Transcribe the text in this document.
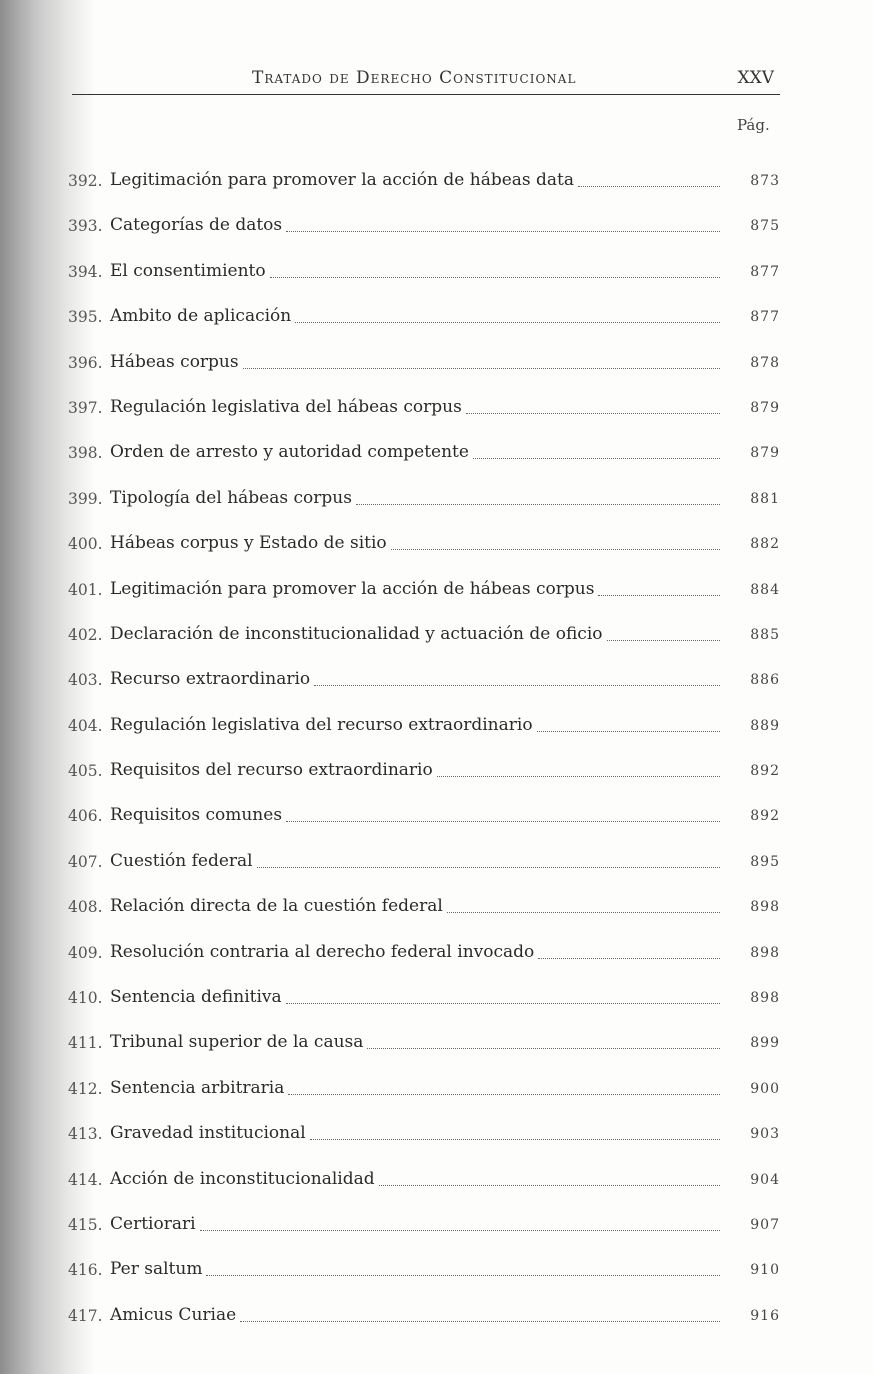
Tratado de Derecho Constitucional	XXV
Pág.
392. Legitimación para promover la acción de hábeas data	873
393. Categorías de datos	875
394. El consentimiento	877
395. Ambito de aplicación	877
396. Hábeas corpus	878
397. Regulación legislativa del hábeas corpus	879
398. Orden de arresto y autoridad competente	879
399. Tipología del hábeas corpus	881
400. Hábeas corpus y Estado de sitio	882
401. Legitimación para promover la acción de hábeas corpus	884
402. Declaración de inconstitucionalidad y actuación de oficio	885
403. Recurso extraordinario	886
404. Regulación legislativa del recurso extraordinario	889
405. Requisitos del recurso extraordinario	892
406. Requisitos comunes	892
407. Cuestión federal	895
408. Relación directa de la cuestión federal	898
409. Resolución contraria al derecho federal invocado	898
410. Sentencia definitiva	898
411. Tribunal superior de la causa	899
412. Sentencia arbitraria	900
413. Gravedad institucional	903
414. Acción de inconstitucionalidad	904
415. Certiorari	907
416. Per saltum	910
417. Amicus Curiae	916
